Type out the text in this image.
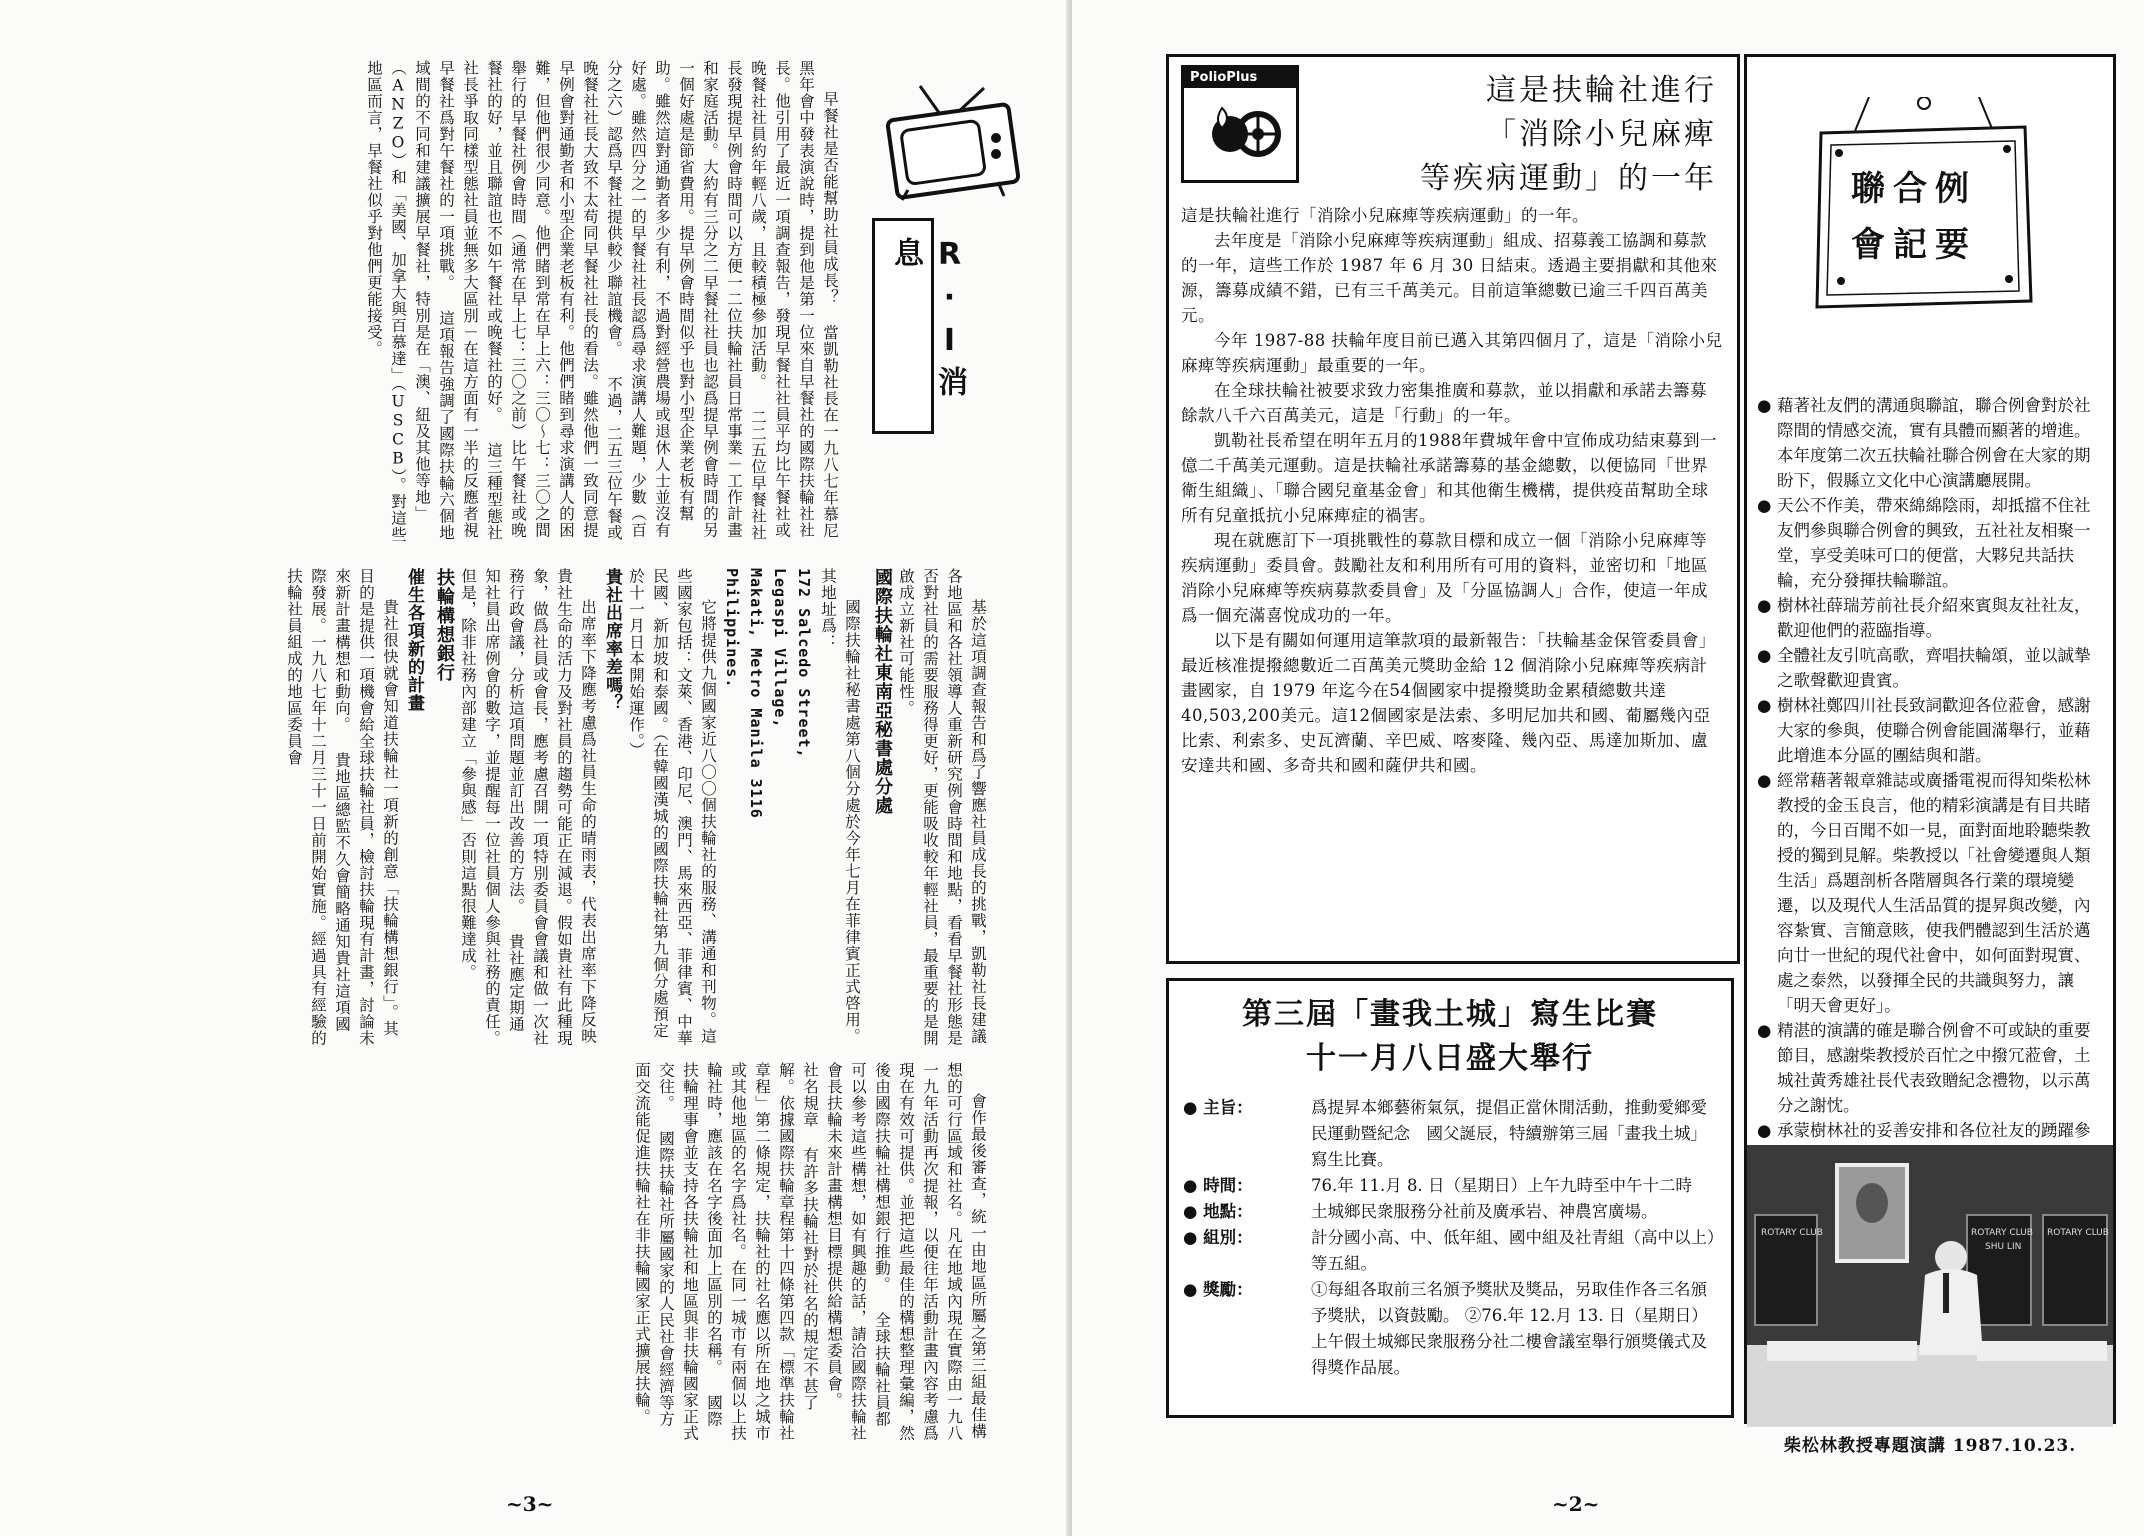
R·I消息

早餐社是否能幫助社員成長？ 當凱勒社長在一九八七年慕尼黑年會中發表演說時，提到他是第一位來自早餐社的國際扶輪社社長。他引用了最近一項調查報告，發現早餐社社員平均比午餐社或晚餐社社員約年輕八歲，且較積極參加活動。 二二五位早餐社社長發現提早例會時間可以方便一二位扶輪社員日常事業－工作計畫和家庭活動。大約有三分之二早餐社社員也認爲提早例會時間的另一個好處是節省費用。提早例會時間似乎也對小型企業老板有幫助。雖然這對通勤者多少有利，不過對經營農場或退休人士並沒有好處。雖然四分之一的早餐社社長認爲尋求演講人難題，少數（百分之六）認爲早餐社提供較少聯誼機會。 不過，二五三位午餐或晚餐社社長大致不太苟同早餐社社長的看法。雖然他們一致同意提早例會對通勤者和小型企業老板有利。他們們睹到尋求演講人的困難，但他們很少同意。他們睹到常在早上六：三〇～七：三〇之間舉行的早餐社例會時間（通常在早上七：三〇之前）比午餐社或晚餐社的好，並且聯誼也不如午餐社或晚餐社的好。 這三種型態社社長爭取同樣型態社員並無多大區別－在這方面有一半的反應者視早餐社爲對午餐社的一項挑戰。 這項報告強調了國際扶輪六個地域間的不同和建議擴展早餐社，特別是在「澳、紐及其他等地」（ANZO）和「美國、加拿大與百慕達」（USCB）。對這些地區而言，早餐社似乎對他們更能接受。

基於這項調查報告和爲了響應社員成長的挑戰，凱勒社長建議各地區和各社領導人重新研究例會時間和地點，看看早餐社形態是否對社員的需要服務得更好，更能吸收較年輕社員，最重要的是開啟成立新社可能性。

國際扶輪社東南亞秘書處分處

國際扶輪社秘書處第八個分處於今年七月在菲律賓正式啓用。其地址爲：

172 Salcedo Street,

Legaspi Village,

Makati, Metro Manila 3116

Philippines.

它將提供九個國家近八〇〇個扶輪社的服務、溝通和刊物。這些國家包括：文萊、香港、印尼、澳門、馬來西亞、菲律賓、中華民國、新加坡和泰國。（在韓國漢城的國際扶輪社第九個分處預定於十一月日本開始運作。）

貴社出席率差嗎？

出席率下降應考慮爲社員生命的晴雨表，代表出席率下降反映貴社生命的活力及對社員的趨勢可能正在減退。假如貴社有此種現象，做爲社員或會長，應考慮召開一項特別委員會會議和做一次社務行政會議，分析這項問題並訂出改善的方法。 貴社應定期通知社員出席例會的數字，並提醒每一位社員個人參與社務的責任。但是，除非社務內部建立「參與感」否則這點很難達成。

扶輪構想銀行

催生各項新的計畫

貴社很快就會知道扶輪社一項新的創意「扶輪構想銀行」。其目的是提供一項機會給全球扶輪社員，檢討扶輪現有計畫，討論未來新計畫構想和動向。 貴地區總監不久會簡略通知貴社這項國際發展。一九八七年十二月三十一日前開始實施。經過具有經驗的扶輪社員組成的地區委員會

會作最後審查，統一由地區所屬之第三組最佳構想的可行區域和社名。凡在地域內現在實際由一九八一九年活動再次提報，以便往年活動計畫內容考慮爲現在有效可提供。並把這些最佳的構想整理彙編，然後由國際扶輪社構想銀行推動。 全球扶輪社員都可以參考這些構想，如有興趣的話，請洽國際扶輪社會長扶輪未來計畫構想目標提供給構想委員會。 社名規章 有許多扶輪社對於社名的規定不甚了解。依據國際扶輪章程第十四條第四款「標準扶輪社章程」第二條規定，扶輪社的社名應以所在地之城市或其他地區的名字爲社名。在同一城市有兩個以上扶輪社時，應該在名字後面加上區別的名稱。 國際扶輪理事會並支持各扶輪社和地區與非扶輪國家正式交往。 國際扶輪社所屬國家的人民社會經濟等方面交流能促進扶輪社在非扶輪國家正式擴展扶輪。

~3~
PolioPlus	這是扶輪社進行
「消除小兒麻痺
等疾病運動」的一年

這是扶輪社進行「消除小兒麻痺等疾病運動」的一年。

去年度是「消除小兒麻痺等疾病運動」組成、招募義工協調和募款的一年，這些工作於 1987 年 6 月 30 日結束。透過主要捐獻和其他來源，籌募成績不錯，已有三千萬美元。目前這筆總數已逾三千四百萬美元。

今年 1987-88 扶輪年度目前已邁入其第四個月了，這是「消除小兒麻痺等疾病運動」最重要的一年。

在全球扶輪社被要求致力密集推廣和募款，並以捐獻和承諾去籌募餘款八千六百萬美元，這是「行動」的一年。

凱勒社長希望在明年五月的1988年費城年會中宣佈成功結束募到一億二千萬美元運動。這是扶輪社承諾籌募的基金總數，以便協同「世界衛生組織」、「聯合國兒童基金會」和其他衛生機構，提供疫苗幫助全球所有兒童抵抗小兒麻痺症的禍害。

現在就應訂下一項挑戰性的募款目標和成立一個「消除小兒麻痺等疾病運動」委員會。鼓勵社友和利用所有可用的資料，並密切和「地區消除小兒麻痺等疾病募款委員會」及「分區協調人」合作，使這一年成爲一個充滿喜悅成功的一年。

以下是有關如何運用這筆款項的最新報告：「扶輪基金保管委員會」最近核准提撥總數近二百萬美元獎助金給 12 個消除小兒麻痺等疾病計畫國家，自 1979 年迄今在54個國家中提撥獎助金累積總數共達40,503,200美元。這12個國家是法索、多明尼加共和國、葡屬幾內亞比索、利索多、史瓦濟蘭、辛巴威、喀麥隆、幾內亞、馬達加斯加、盧安達共和國、多奇共和國和薩伊共和國。

第三屆「畫我土城」寫生比賽
十一月八日盛大舉行
● 主旨：	爲提昇本鄉藝術氣氛，提倡正當休閒活動，推動愛鄉愛民運動暨紀念　國父誕辰，特續辦第三屆「畫我土城」寫生比賽。
● 時間：	76.年 11.月 8. 日（星期日）上午九時至中午十二時
● 地點：	土城鄉民衆服務分社前及廣承岩、神農宮廣場。
● 組別：	計分國小高、中、低年組、國中組及社青組（高中以上）等五組。
● 獎勵：	①每組各取前三名頒予獎狀及獎品，另取佳作各三名頒予獎狀，以資鼓勵。 ②76.年 12.月 13. 日（星期日）上午假土城鄉民衆服務分社二樓會議室舉行頒獎儀式及得獎作品展。
聯合例會記要
● 藉著社友們的溝通與聯誼，聯合例會對於社際間的情感交流，實有具體而顯著的增進。本年度第二次五扶輪社聯合例會在大家的期盼下，假縣立文化中心演講廳展開。
● 天公不作美，帶來綿綿陰雨，却抵擋不住社友們參與聯合例會的興致，五社社友相聚一堂，享受美味可口的便當，大夥兒共話扶輪，充分發揮扶輪聯誼。
● 樹林社薛瑞芳前社長介紹來賓與友社社友，歡迎他們的蒞臨指導。
● 全體社友引吭高歌，齊唱扶輪頌，並以誠摯之歌聲歡迎貴賓。
● 樹林社鄭四川社長致詞歡迎各位蒞會，感謝大家的參與，使聯合例會能圓滿舉行，並藉此增進本分區的團結與和諧。
● 經常藉著報章雜誌或廣播電視而得知柴松林教授的金玉良言，他的精彩演講是有目共睹的，今日百聞不如一見，面對面地聆聽柴教授的獨到見解。柴教授以「社會變遷與人類生活」爲題剖析各階層與各行業的環境變遷，以及現代人生活品質的提昇與改變，內容紮實、言簡意賅，使我們體認到生活於邁向廿一世紀的現代社會中，如何面對現實、處之泰然，以發揮全民的共識與努力，讓「明天會更好」。
● 精湛的演講的確是聯合例會不可或缺的重要節目，感謝柴教授於百忙之中撥冗蒞會，土城社黃秀雄社長代表致贈紀念禮物，以示萬分之謝忱。
● 承蒙樹林社的妥善安排和各位社友的踴躍參
ROTARY CLUB	ROTARY CLUB ROTARY CLUB
SHU LIN
柴松林教授專題演講 1987.10.23.
~2~
